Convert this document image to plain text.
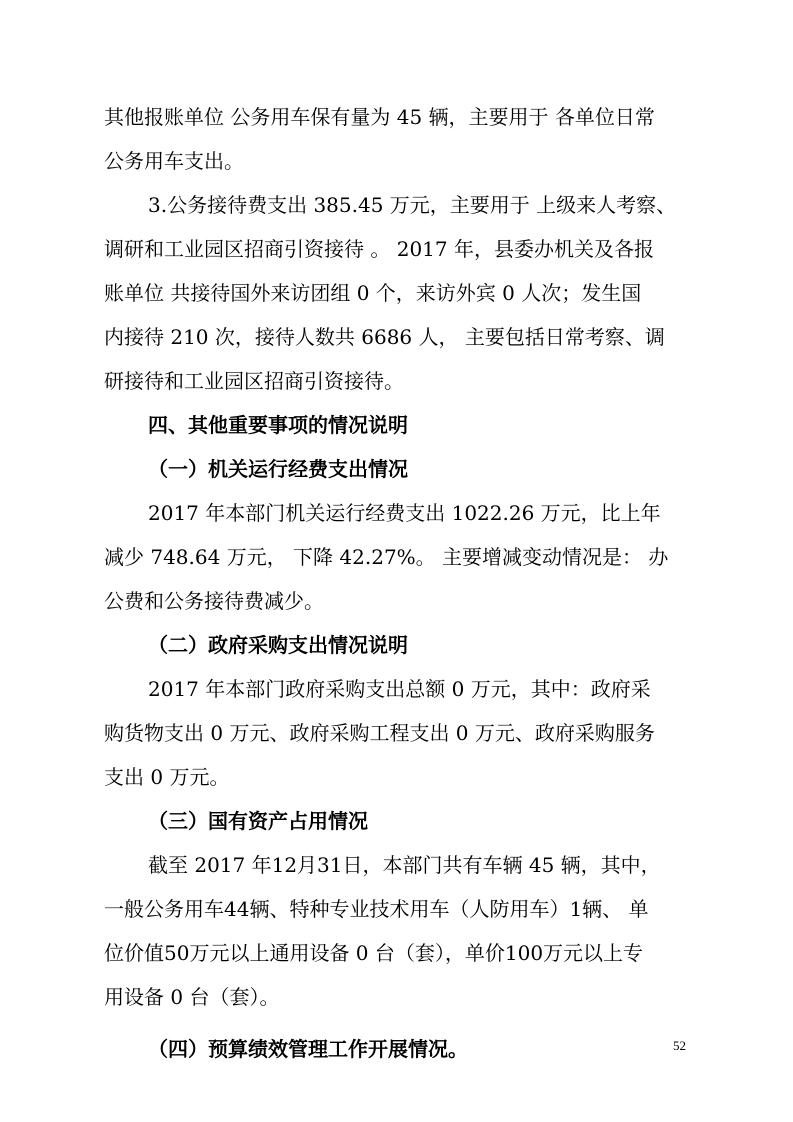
其他报账单位 公务用车保有量为 45 辆，主要用于 各单位日常
公务用车支出。
3.公务接待费支出 385.45 万元，主要用于 上级来人考察、
调研和工业园区招商引资接待 。 2017 年，县委办机关及各报
账单位 共接待国外来访团组 0 个，来访外宾 0 人次；发生国
内接待 210 次，接待人数共 6686 人， 主要包括日常考察、调
研接待和工业园区招商引资接待。
四、其他重要事项的情况说明
（一）机关运行经费支出情况
2017 年本部门机关运行经费支出 1022.26 万元，比上年
减少 748.64 万元， 下降 42.27%。 主要增减变动情况是： 办
公费和公务接待费减少。
（二）政府采购支出情况说明
2017 年本部门政府采购支出总额 0 万元，其中：政府采
购货物支出 0 万元、政府采购工程支出 0 万元、政府采购服务
支出 0 万元。
（三）国有资产占用情况
截至 2017 年12月31日，本部门共有车辆 45 辆，其中，
一般公务用车44辆、特种专业技术用车（人防用车）1辆、 单
位价值50万元以上通用设备 0 台（套），单价100万元以上专
用设备 0 台（套）。
（四）预算绩效管理工作开展情况。	52
